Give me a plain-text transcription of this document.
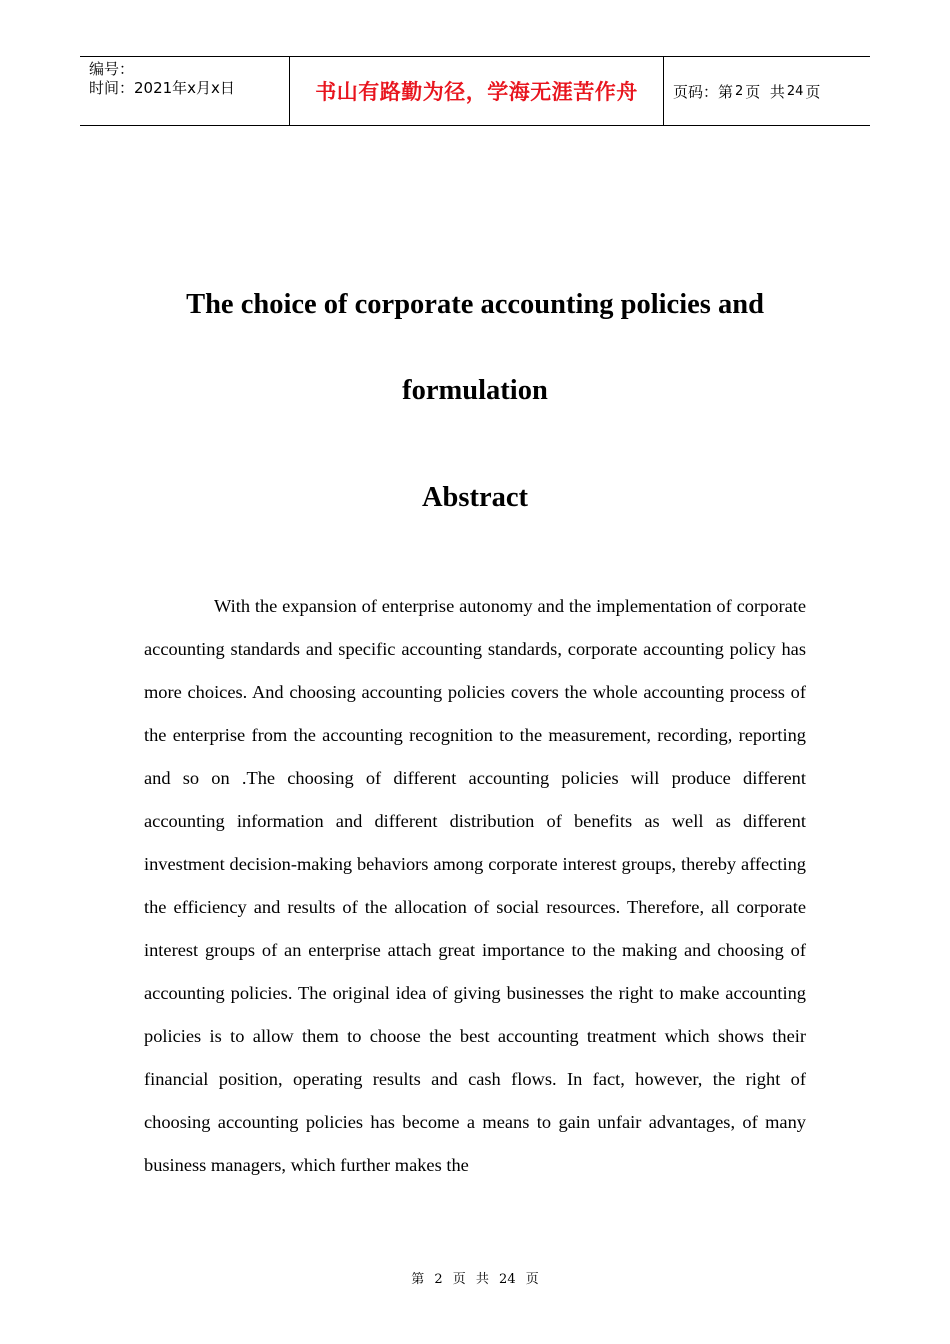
编号：
时间：2021年x月x日	书山有路勤为径，学海无涯苦作舟	页码：第 2 页  共 24 页
The choice of corporate accounting policies and
formulation
Abstract

With the expansion of enterprise autonomy and the implementation of corporate accounting standards and specific accounting standards, corporate accounting policy has more choices. And choosing accounting policies covers the whole accounting process of the enterprise from the accounting recognition to the measurement, recording, reporting and so on .The choosing of different accounting policies will produce different accounting information and different distribution of benefits as well as different investment decision-making behaviors among corporate interest groups, thereby affecting the efficiency and results of the allocation of social resources. Therefore, all corporate interest groups of an enterprise attach great importance to the making and choosing of accounting policies. The original idea of giving businesses the right to make accounting policies is to allow them to choose the best accounting treatment which shows their financial position, operating results and cash flows. In fact, however, the right of choosing accounting policies has become a means to gain unfair advantages, of many business managers, which further makes the

第 2 页 共 24 页
